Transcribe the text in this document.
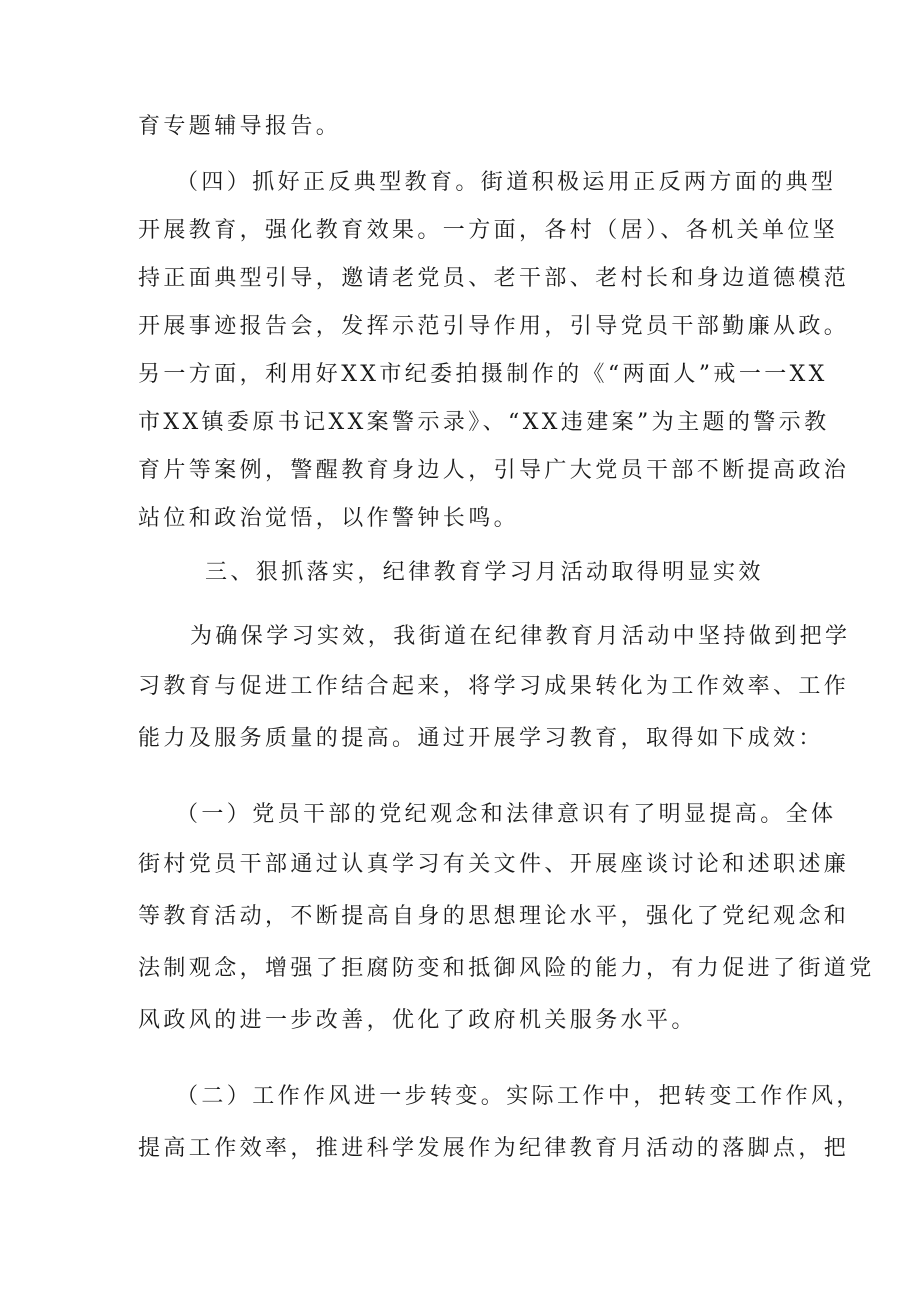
育专题辅导报告。
（四）抓好正反典型教育。街道积极运用正反两方面的典型
开展教育，强化教育效果。一方面，各村（居）、各机关单位坚
持正面典型引导，邀请老党员、老干部、老村长和身边道德模范
开展事迹报告会，发挥示范引导作用，引导党员干部勤廉从政。
另一方面，利用好XX市纪委拍摄制作的《“两面人”戒一一XX
市XX镇委原书记XX案警示录》、“XX违建案”为主题的警示教
育片等案例，警醒教育身边人，引导广大党员干部不断提高政治
站位和政治觉悟，以作警钟长鸣。
三、狠抓落实，纪律教育学习月活动取得明显实效
为确保学习实效，我街道在纪律教育月活动中坚持做到把学
习教育与促进工作结合起来，将学习成果转化为工作效率、工作
能力及服务质量的提高。通过开展学习教育，取得如下成效：
（一）党员干部的党纪观念和法律意识有了明显提高。全体
街村党员干部通过认真学习有关文件、开展座谈讨论和述职述廉
等教育活动，不断提高自身的思想理论水平，强化了党纪观念和
法制观念，增强了拒腐防变和抵御风险的能力，有力促进了街道党
风政风的进一步改善，优化了政府机关服务水平。
（二）工作作风进一步转变。实际工作中，把转变工作作风，
提高工作效率，推进科学发展作为纪律教育月活动的落脚点，把
